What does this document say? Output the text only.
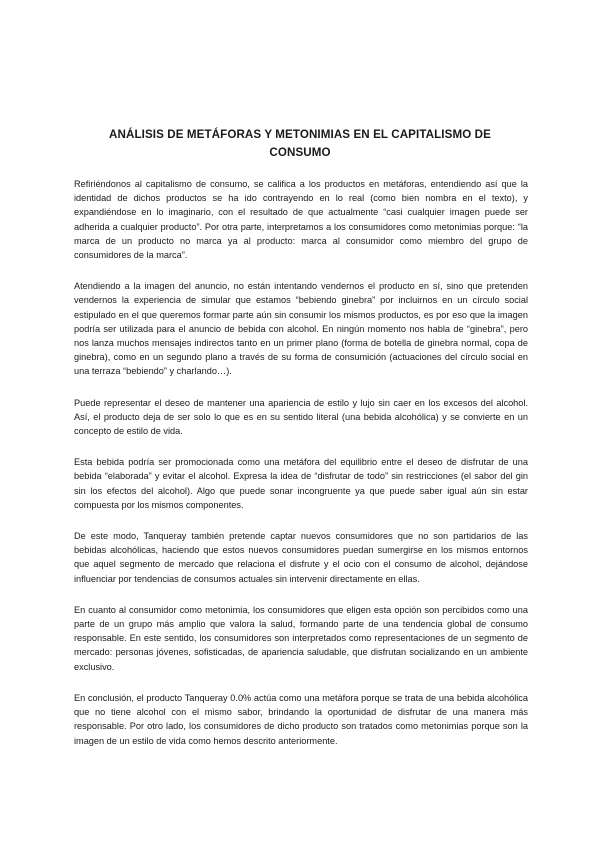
ANÁLISIS DE METÁFORAS Y METONIMIAS EN EL CAPITALISMO DE CONSUMO

Refiriéndonos al capitalismo de consumo, se califica a los productos en metáforas, entendiendo así que la identidad de dichos productos se ha ido contrayendo en lo real (como bien nombra en el texto), y expandiéndose en lo imaginario, con el resultado de que actualmente “casi cualquier imagen puede ser adherida a cualquier producto”. Por otra parte, interpretamos a los consumidores como metonimias porque: “la marca de un producto no marca ya al producto: marca al consumidor como miembro del grupo de consumidores de la marca”.

Atendiendo a la imagen del anuncio, no están intentando vendernos el producto en sí, sino que pretenden vendernos la experiencia de simular que estamos “bebiendo ginebra” por incluirnos en un círculo social estipulado en el que queremos formar parte aún sin consumir los mismos productos, es por eso que la imagen podría ser utilizada para el anuncio de bebida con alcohol. En ningún momento nos habla de “ginebra”, pero nos lanza muchos mensajes indirectos tanto en un primer plano (forma de botella de ginebra normal, copa de ginebra), como en un segundo plano a través de su forma de consumición (actuaciones del círculo social en una terraza “bebiendo” y charlando…).

Puede representar el deseo de mantener una apariencia de estilo y lujo sin caer en los excesos del alcohol. Así, el producto deja de ser solo lo que es en su sentido literal (una bebida alcohólica) y se convierte en un concepto de estilo de vida.

Esta bebida podría ser promocionada como una metáfora del equilibrio entre el deseo de disfrutar de una bebida “elaborada” y evitar el alcohol. Expresa la idea de “disfrutar de todo” sin restricciones (el sabor del gin sin los efectos del alcohol). Algo que puede sonar incongruente ya que puede saber igual aún sin estar compuesta por los mismos componentes.

De este modo, Tanqueray también pretende captar nuevos consumidores que no son partidarios de las bebidas alcohólicas, haciendo que estos nuevos consumidores puedan sumergirse en los mismos entornos que aquel segmento de mercado que relaciona el disfrute y el ocio con el consumo de alcohol, dejándose influenciar por tendencias de consumos actuales sin intervenir directamente en ellas.

En cuanto al consumidor como metonimia, los consumidores que eligen esta opción son percibidos como una parte de un grupo más amplio que valora la salud, formando parte de una tendencia global de consumo responsable. En este sentido, los consumidores son interpretados como representaciones de un segmento de mercado: personas jóvenes, sofisticadas, de apariencia saludable, que disfrutan socializando en un ambiente exclusivo.

En conclusión, el producto Tanqueray 0.0% actúa como una metáfora porque se trata de una bebida alcohólica que no tiene alcohol con el mismo sabor, brindando la oportunidad de disfrutar de una manera más responsable. Por otro lado, los consumidores de dicho producto son tratados como metonimias porque son la imagen de un estilo de vida como hemos descrito anteriormente.
